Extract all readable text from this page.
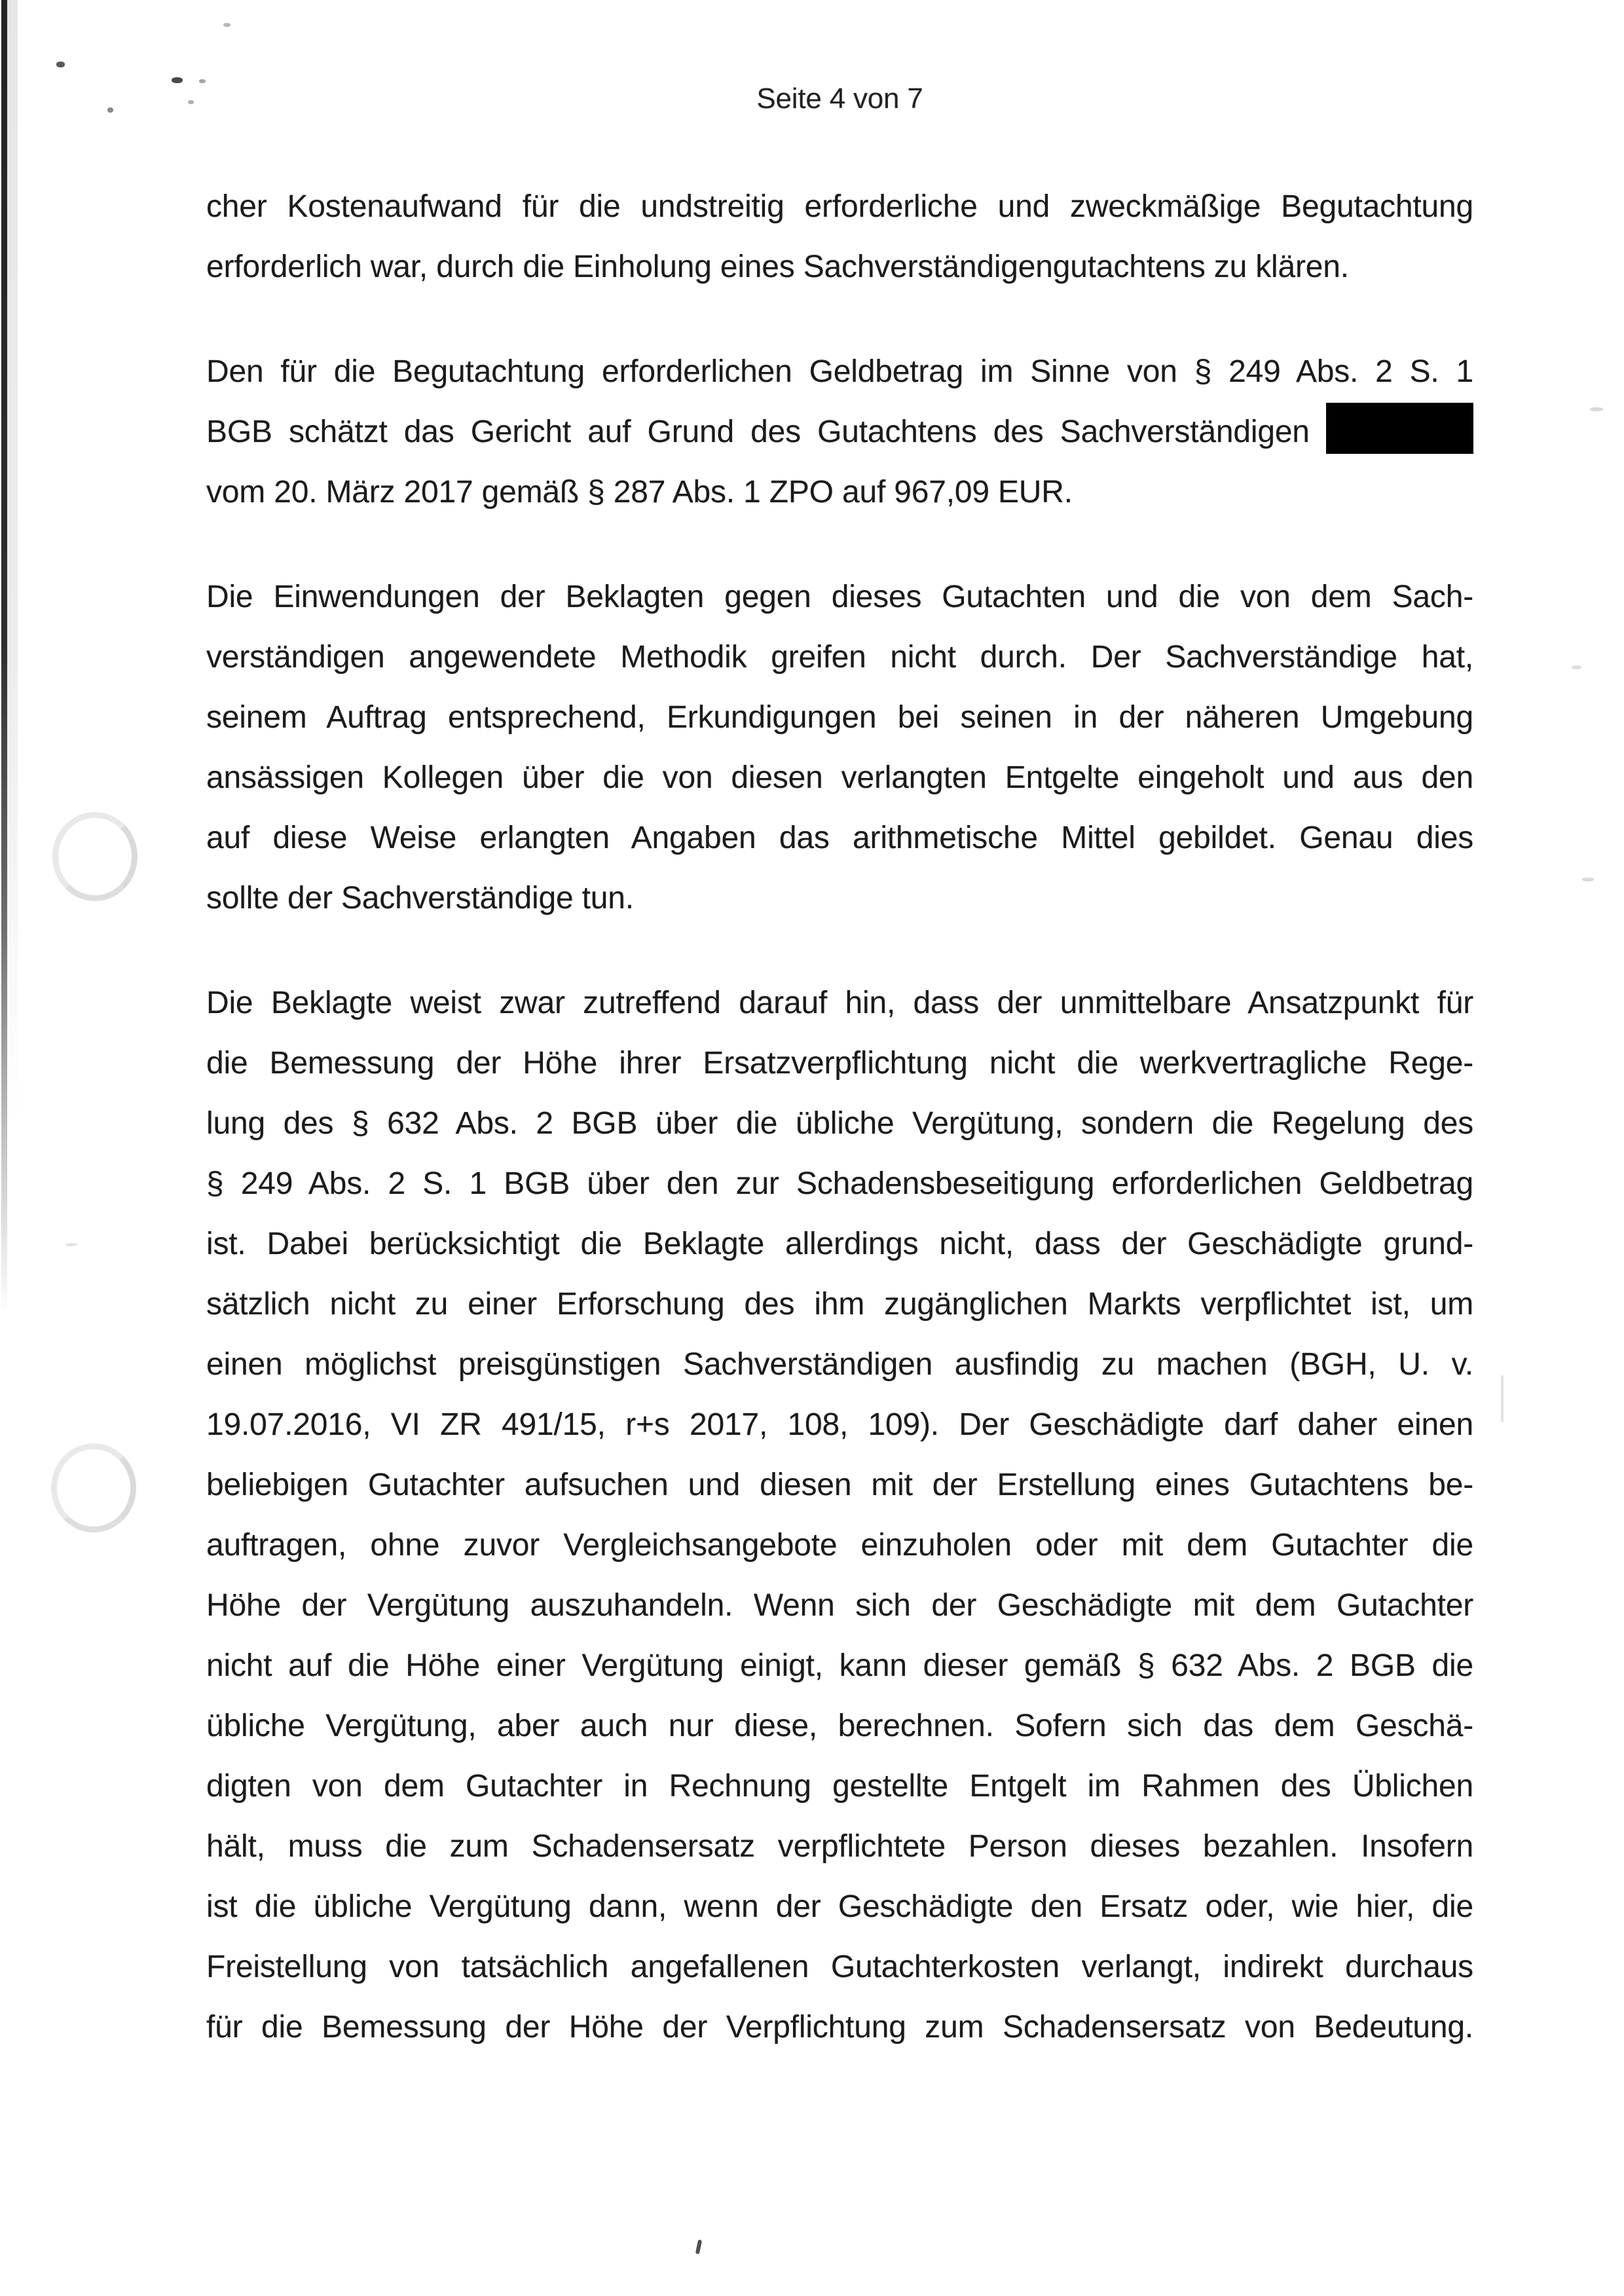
Seite 4 von 7
cher Kostenaufwand für die undstreitig erforderliche und zweckmäßige Begutachtung
erforderlich war, durch die Einholung eines Sachverständigengutachtens zu klären.
Den für die Begutachtung erforderlichen Geldbetrag im Sinne von § 249 Abs. 2 S. 1
BGB schätzt das Gericht auf Grund des Gutachtens des Sachverständigen
vom 20. März 2017 gemäß § 287 Abs. 1 ZPO auf 967,09 EUR.
Die Einwendungen der Beklagten gegen dieses Gutachten und die von dem Sach-
verständigen angewendete Methodik greifen nicht durch. Der Sachverständige hat,
seinem Auftrag entsprechend, Erkundigungen bei seinen in der näheren Umgebung
ansässigen Kollegen über die von diesen verlangten Entgelte eingeholt und aus den
auf diese Weise erlangten Angaben das arithmetische Mittel gebildet. Genau dies
sollte der Sachverständige tun.
Die Beklagte weist zwar zutreffend darauf hin, dass der unmittelbare Ansatzpunkt für
die Bemessung der Höhe ihrer Ersatzverpflichtung nicht die werkvertragliche Rege-
lung des § 632 Abs. 2 BGB über die übliche Vergütung, sondern die Regelung des
§ 249 Abs. 2 S. 1 BGB über den zur Schadensbeseitigung erforderlichen Geldbetrag
ist. Dabei berücksichtigt die Beklagte allerdings nicht, dass der Geschädigte grund-
sätzlich nicht zu einer Erforschung des ihm zugänglichen Markts verpflichtet ist, um
einen möglichst preisgünstigen Sachverständigen ausfindig zu machen (BGH, U. v.
19.07.2016, VI ZR 491/15, r+s 2017, 108, 109). Der Geschädigte darf daher einen
beliebigen Gutachter aufsuchen und diesen mit der Erstellung eines Gutachtens be-
auftragen, ohne zuvor Vergleichsangebote einzuholen oder mit dem Gutachter die
Höhe der Vergütung auszuhandeln. Wenn sich der Geschädigte mit dem Gutachter
nicht auf die Höhe einer Vergütung einigt, kann dieser gemäß § 632 Abs. 2 BGB die
übliche Vergütung, aber auch nur diese, berechnen. Sofern sich das dem Geschä-
digten von dem Gutachter in Rechnung gestellte Entgelt im Rahmen des Üblichen
hält, muss die zum Schadensersatz verpflichtete Person dieses bezahlen. Insofern
ist die übliche Vergütung dann, wenn der Geschädigte den Ersatz oder, wie hier, die
Freistellung von tatsächlich angefallenen Gutachterkosten verlangt, indirekt durchaus
für die Bemessung der Höhe der Verpflichtung zum Schadensersatz von Bedeutung.
